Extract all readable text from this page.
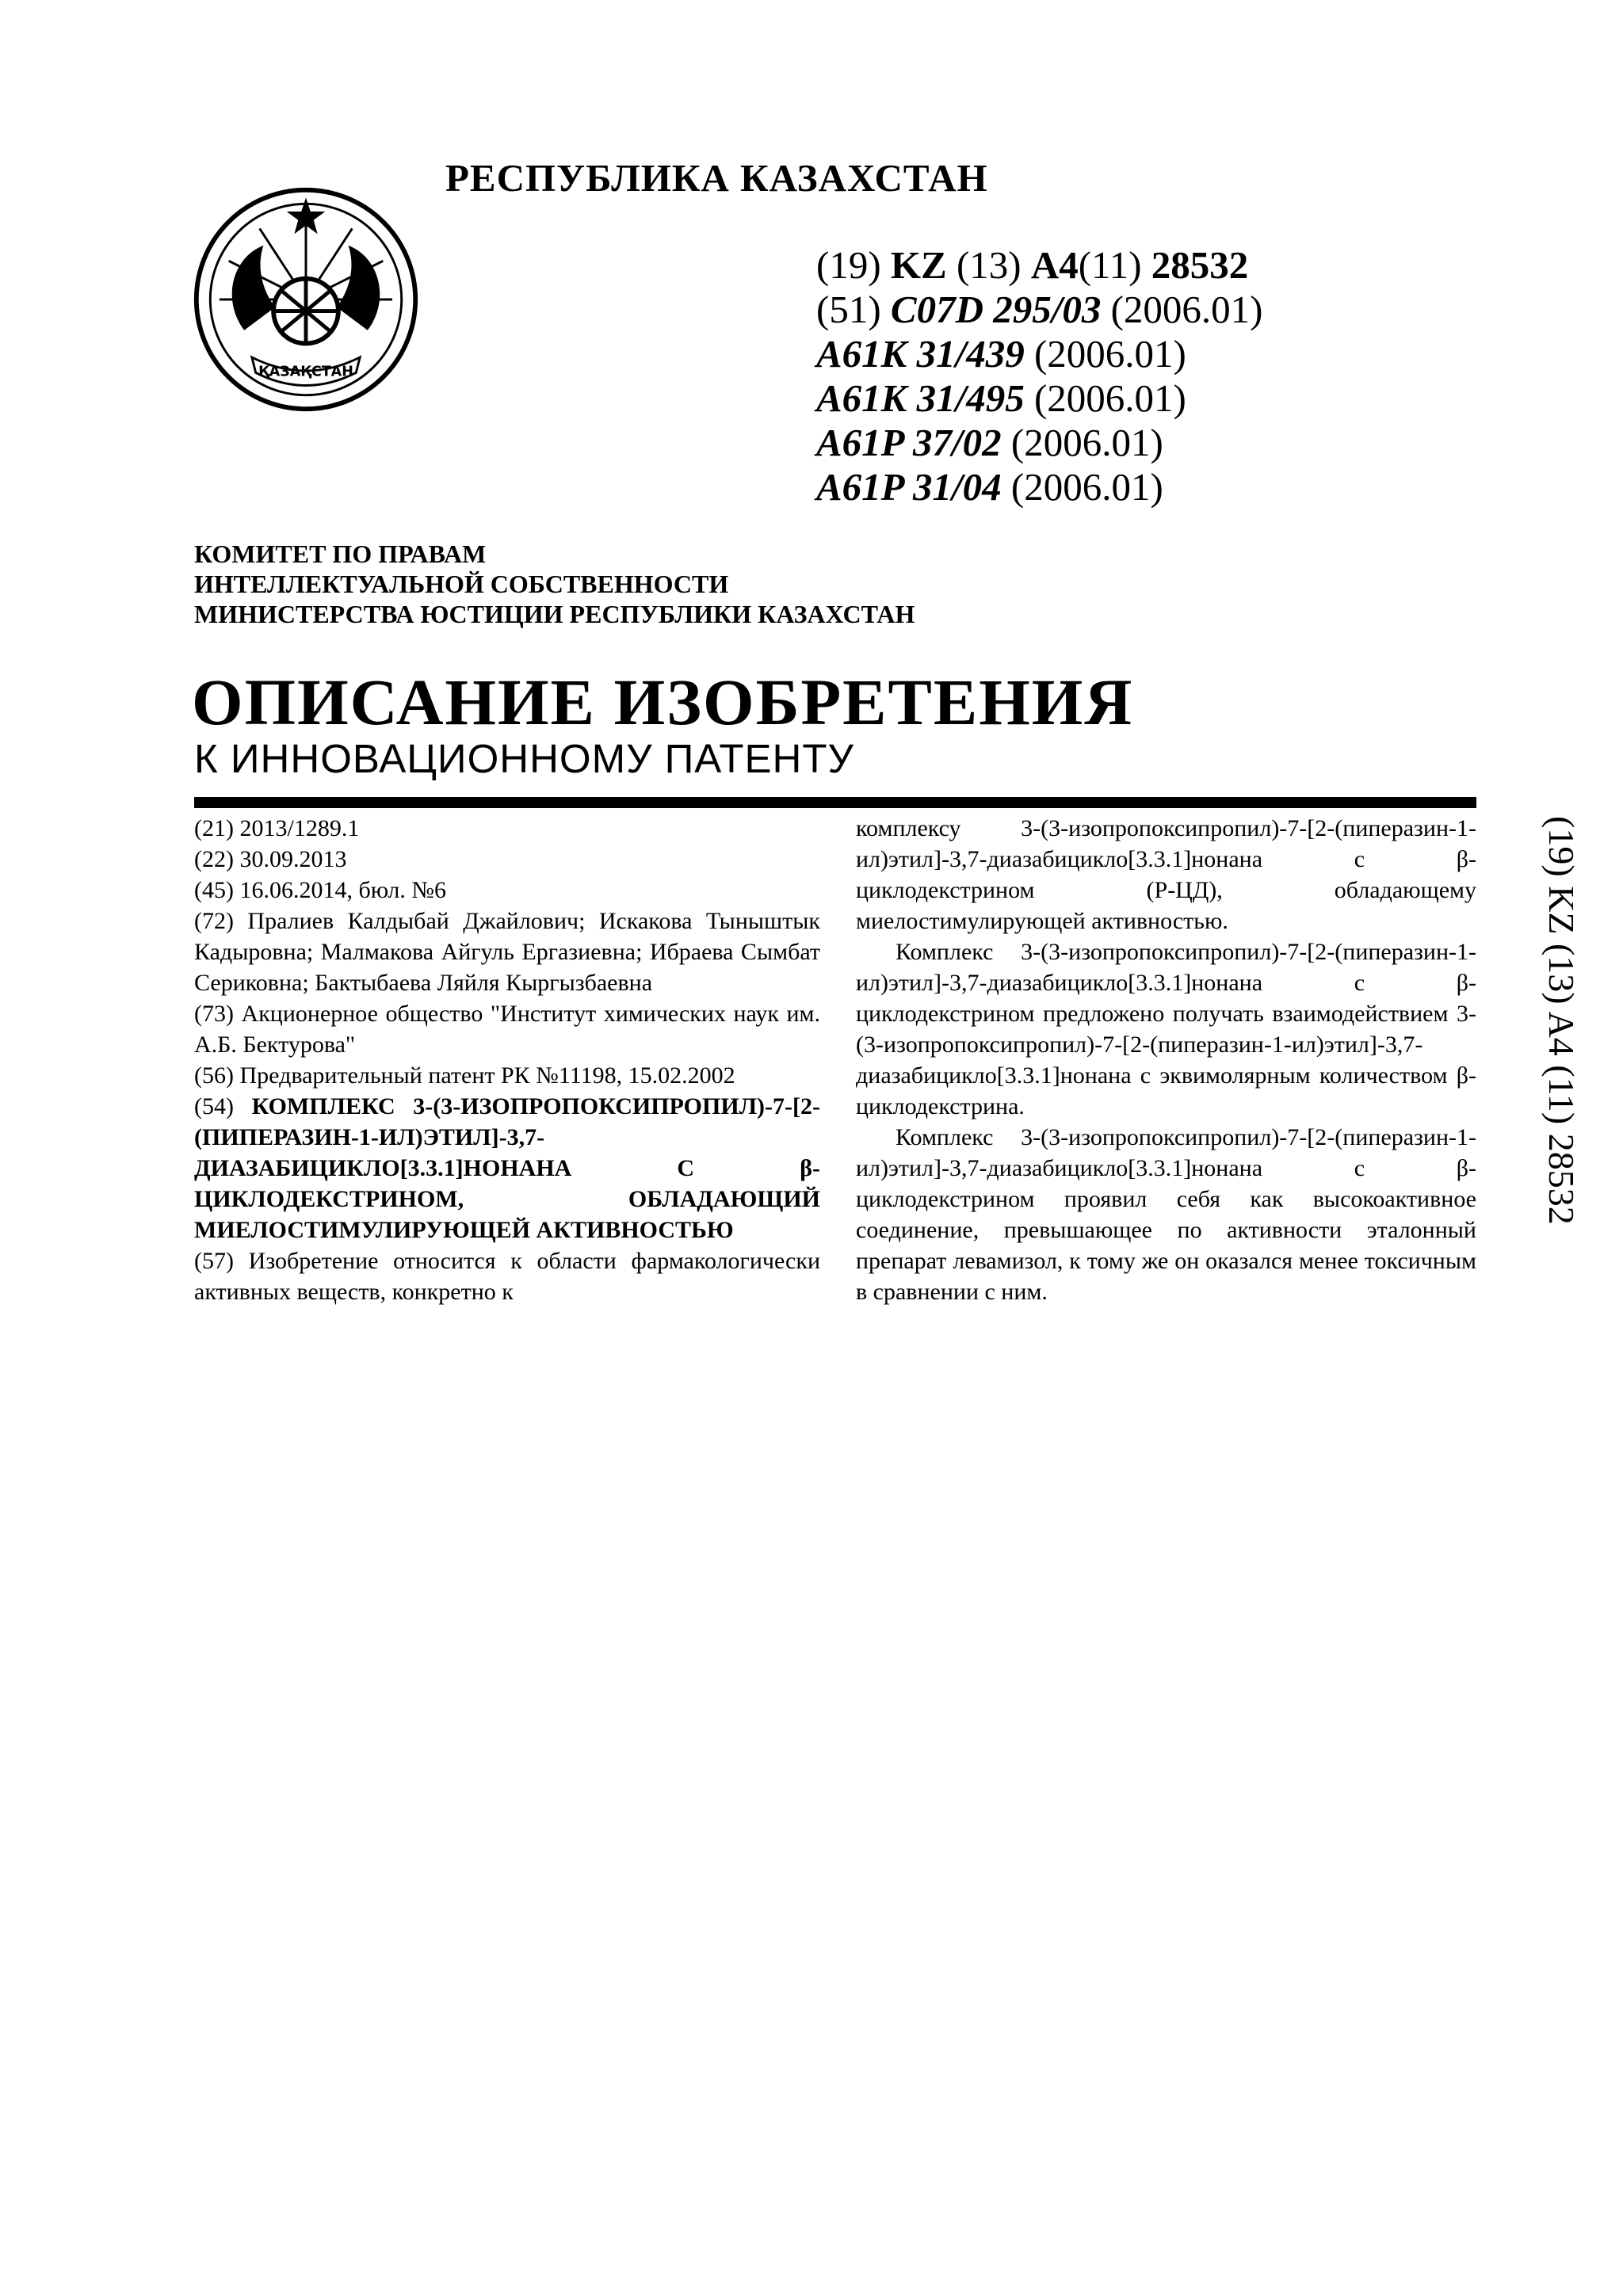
ҚАЗАҚСТАН
РЕСПУБЛИКА КАЗАХСТАН
(19) KZ (13) A4(11) 28532
(51) C07D 295/03 (2006.01)
A61K 31/439 (2006.01)
A61K 31/495 (2006.01)
A61P 37/02 (2006.01)
A61P 31/04 (2006.01)
КОМИТЕТ ПО ПРАВАМ
ИНТЕЛЛЕКТУАЛЬНОЙ СОБСТВЕННОСТИ
МИНИСТЕРСТВА ЮСТИЦИИ РЕСПУБЛИКИ КАЗАХСТАН
ОПИСАНИЕ ИЗОБРЕТЕНИЯ
К ИННОВАЦИОННОМУ ПАТЕНТУ

(21) 2013/1289.1

(22) 30.09.2013

(45) 16.06.2014, бюл. №6

(72) Пралиев Калдыбай Джайлович; Искакова Тыныштык Кадыровна; Малмакова Айгуль Ергазиевна; Ибраева Сымбат Сериковна; Бактыбаева Ляйля Кыргызбаевна

(73) Акционерное общество "Институт химических наук им. А.Б. Бектурова"

(56) Предварительный патент РК №11198, 15.02.2002

(54) КОМПЛЕКС 3-(3-ИЗОПРОПОКСИПРОПИЛ)-7-[2-(ПИПЕРАЗИН-1-ИЛ)ЭТИЛ]-3,7-ДИАЗАБИЦИКЛО[3.3.1]НОНАНА С β-ЦИКЛОДЕКСТРИНОМ, ОБЛАДАЮЩИЙ МИЕЛОСТИМУЛИРУЮЩЕЙ АКТИВНОСТЬЮ

(57) Изобретение относится к области фармакологически активных веществ, конкретно к

комплексу 3-(3-изопропоксипропил)-7-[2-(пиперазин-1-ил)этил]-3,7-диазабицикло[3.3.1]нонана с β-циклодекстрином (Р-ЦД), обладающему миелостимулирующей активностью.

Комплекс 3-(3-изопропоксипропил)-7-[2-(пиперазин-1-ил)этил]-3,7-диазабицикло[3.3.1]нонана с β-циклодекстрином предложено получать взаимодействием 3-(3-изопропоксипропил)-7-[2-(пиперазин-1-ил)этил]-3,7-диазабицикло[3.3.1]нонана с эквимолярным количеством β-циклодекстрина.

Комплекс 3-(3-изопропоксипропил)-7-[2-(пиперазин-1-ил)этил]-3,7-диазабицикло[3.3.1]нонана с β-циклодекстрином проявил себя как высокоактивное соединение, превышающее по активности эталонный препарат левамизол, к тому же он оказался менее токсичным в сравнении с ним.

(19) KZ (13) A4 (11) 28532
